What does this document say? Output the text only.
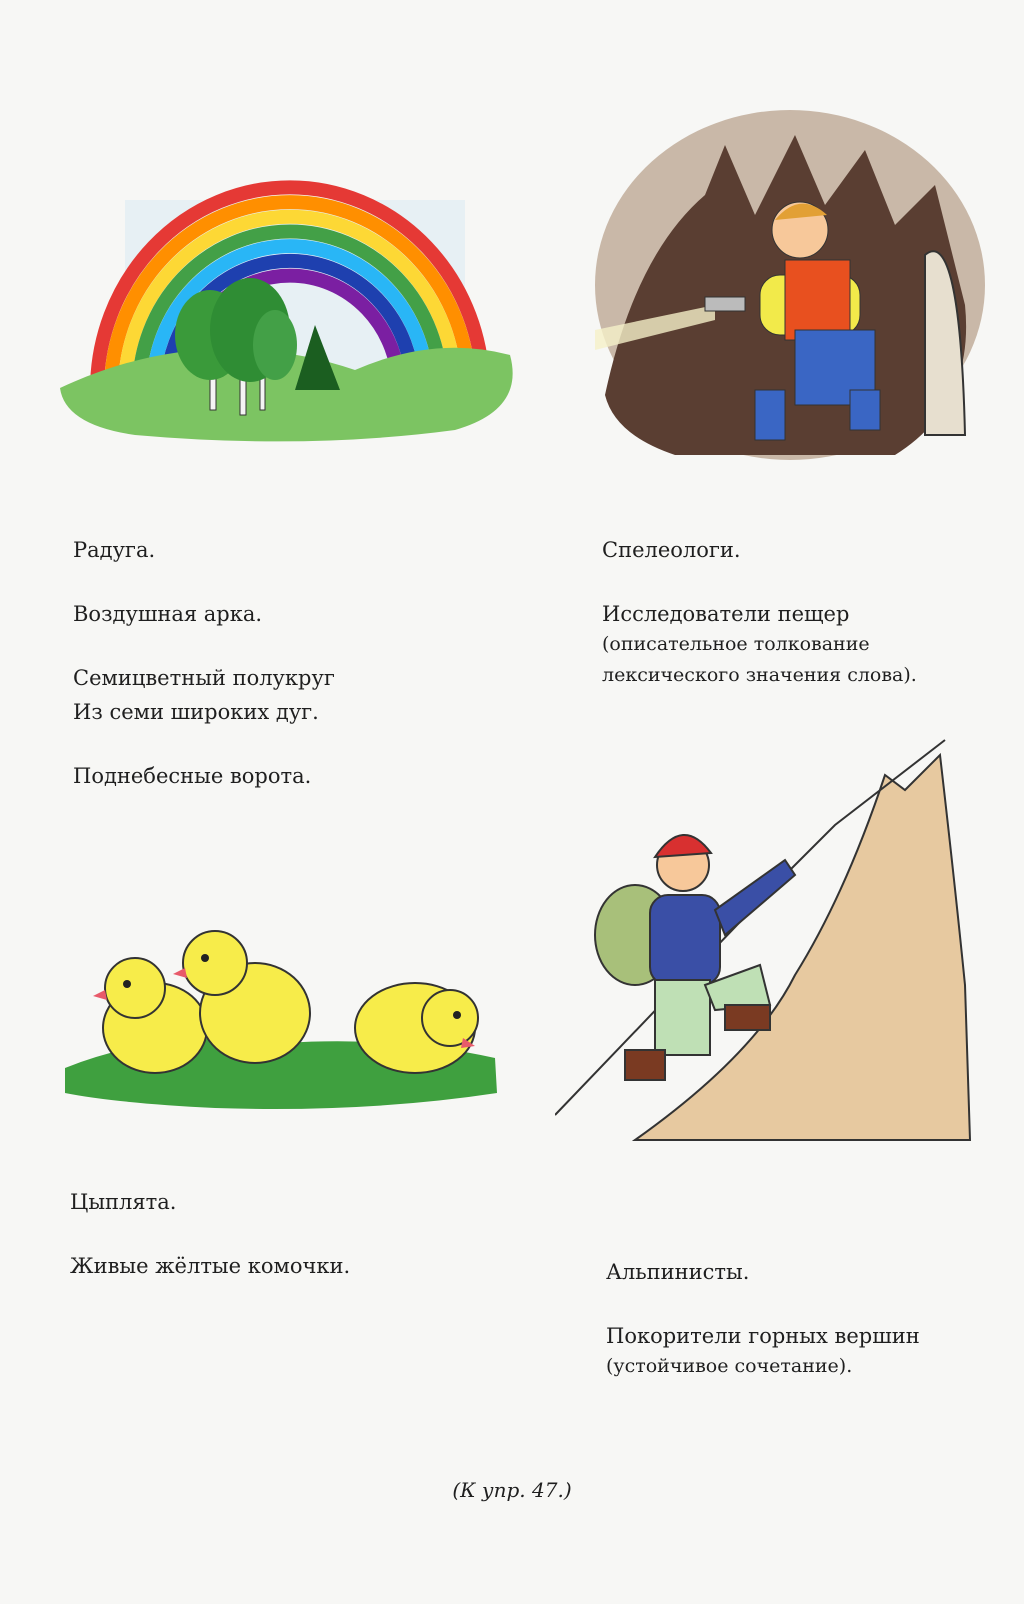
Радуга.

Воздушная арка.

Семицветный полукруг

Из семи широких дуг.

Поднебесные ворота.

Спелеологи.

Исследователи пещер

(описательное толкование

лексического значения слова).

Цыплята.

Живые жёлтые комочки.	Альпинисты.

Покорители горных вершин

(устойчивое сочетание).

(К упр. 47.)
